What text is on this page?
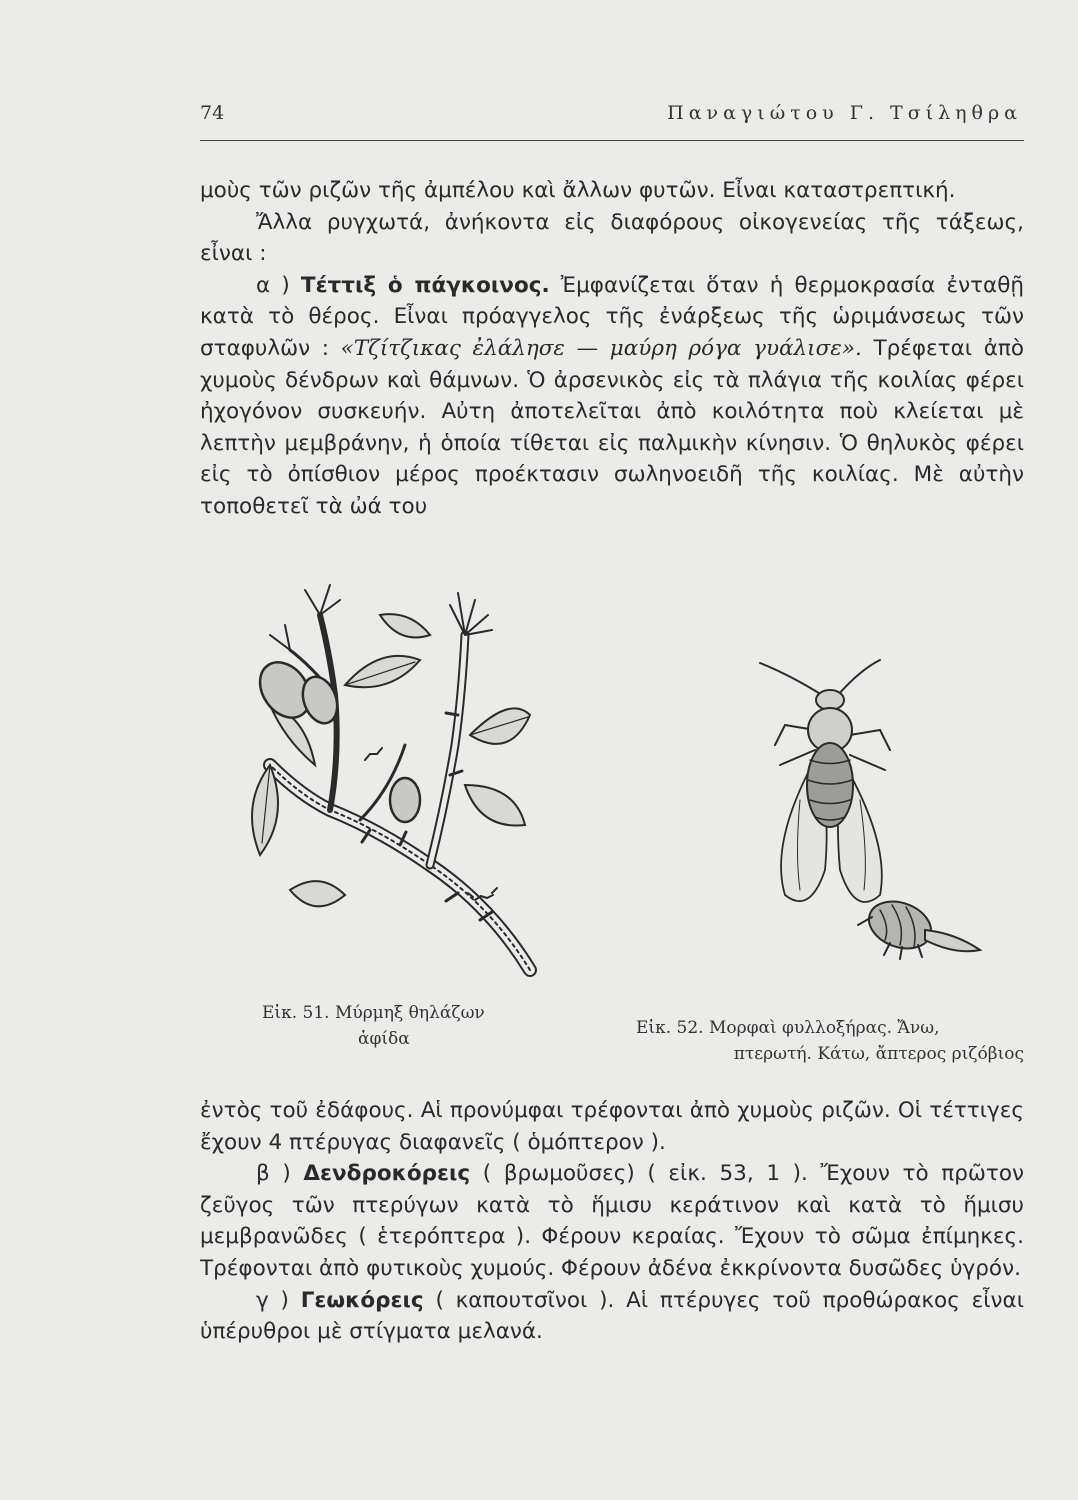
74	Παναγιώτου Γ. Τσίληθρα

μοὺς τῶν ριζῶν τῆς ἀμπέλου καὶ ἄλλων φυτῶν. Εἶναι καταστρεπτική.

Ἄλλα ρυγχωτά, ἀνήκοντα εἰς διαφόρους οἰκογενείας τῆς τάξεως, εἶναι :

α ) Τέττιξ ὁ πάγκοινος. Ἐμφανίζεται ὅταν ἡ θερμοκρασία ἐνταθῇ κατὰ τὸ θέρος. Εἶναι πρόαγγελος τῆς ἐνάρξεως τῆς ὡριμάνσεως τῶν σταφυλῶν : «Τζίτζικας ἐλάλησε — μαύρη ρόγα γυάλισε». Τρέφεται ἀπὸ χυμοὺς δένδρων καὶ θάμνων. Ὁ ἀρσενικὸς εἰς τὰ πλάγια τῆς κοιλίας φέρει ἠχογόνον συσκευήν. Αὐτη ἀποτελεῖται ἀπὸ κοιλότητα ποὺ κλείεται μὲ λεπτὴν μεμβράνην, ἡ ὁποία τίθεται εἰς παλμικὴν κίνησιν. Ὁ θηλυκὸς φέρει εἰς τὸ ὀπίσθιον μέρος προέκτασιν σωληνοειδῆ τῆς κοιλίας. Μὲ αὐτὴν τοποθετεῖ τὰ ὠά του

Εἰκ. 51. Μύρμηξ θηλάζων
ἀφίδα
Εἰκ. 52. Μορφαὶ φυλλοξήρας. Ἄνω,
πτερωτή. Κάτω, ἄπτερος ριζόβιος

ἐντὸς τοῦ ἐδάφους. Αἱ προνύμφαι τρέφονται ἀπὸ χυμοὺς ριζῶν. Οἱ τέττιγες ἔχουν 4 πτέρυγας διαφανεῖς ( ὁμόπτερον ).

β ) Δενδροκόρεις ( βρωμοῦσες) ( εἰκ. 53, 1 ). Ἔχουν τὸ πρῶτον ζεῦγος τῶν πτερύγων κατὰ τὸ ἥμισυ κεράτινον καὶ κατὰ τὸ ἥμισυ μεμβρανῶδες ( ἑτερόπτερα ). Φέρουν κεραίας. Ἔχουν τὸ σῶμα ἐπίμηκες. Τρέφονται ἀπὸ φυτικοὺς χυμούς. Φέρουν ἀδένα ἐκκρίνοντα δυσῶδες ὑγρόν.

γ ) Γεωκόρεις ( καπουτσῖνοι ). Αἱ πτέρυγες τοῦ προθώρακος εἶναι ὑπέρυθροι μὲ στίγματα μελανά.
